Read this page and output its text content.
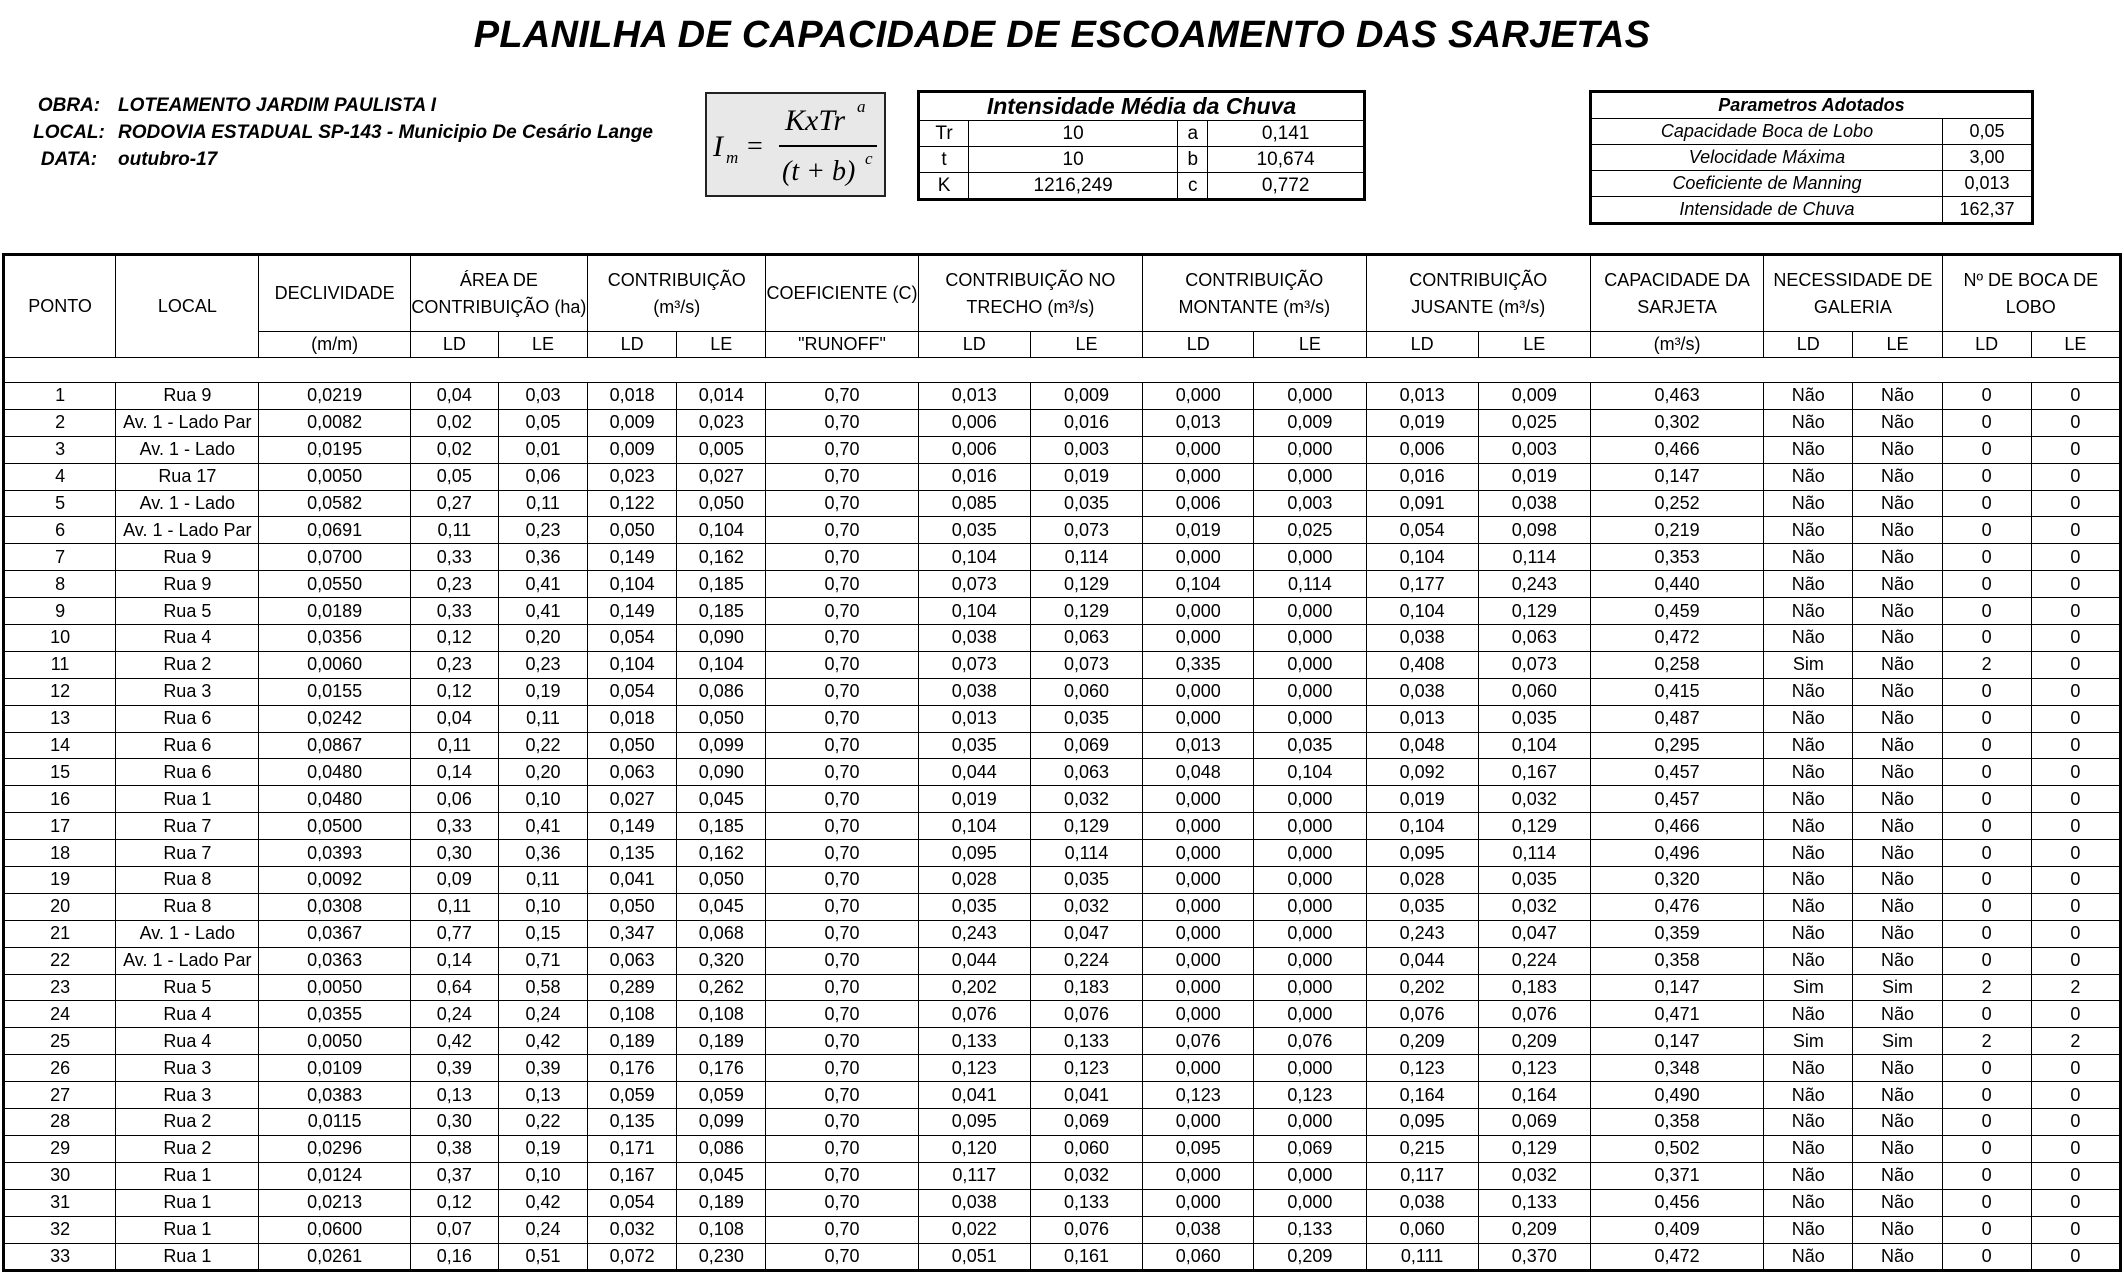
PLANILHA DE CAPACIDADE DE ESCOAMENTO DAS SARJETAS
OBRA: LOTEAMENTO JARDIM PAULISTA I
LOCAL: RODOVIA ESTADUAL SP-143 - Municipio De Cesário Lange
DATA: outubro-17	I m =
KxTr a
(t + b) c
Intensidade Média da Chuva			
Tr	10	a	0,141
t	10	b	10,674
K	1216,249	c	0,772
Parametros Adotados	
Capacidade Boca de Lobo	0,05
Velocidade Máxima	3,00
Coeficiente de Manning	0,013
Intensidade de Chuva	162,37
PONTO	LOCAL	DECLIVIDADE	ÁREA DE CONTRIBUIÇÃO (ha)		CONTRIBUIÇÃO (m³/s)		COEFICIENTE (C)	CONTRIBUIÇÃO NO TRECHO (m³/s)		CONTRIBUIÇÃO MONTANTE (m³/s)		CONTRIBUIÇÃO JUSANTE (m³/s)		CAPACIDADE DA SARJETA	NECESSIDADE DE GALERIA		Nº DE BOCA DE LOBO	
		(m/m)	LD	LE	LD	LE	"RUNOFF"	LD	LE	LD	LE	LD	LE	(m³/s)	LD	LE	LD	LE

1	Rua 9	0,0219	0,04	0,03	0,018	0,014	0,70	0,013	0,009	0,000	0,000	0,013	0,009	0,463	Não	Não	0	0
2	Av. 1 - Lado Par	0,0082	0,02	0,05	0,009	0,023	0,70	0,006	0,016	0,013	0,009	0,019	0,025	0,302	Não	Não	0	0
3	Av. 1 - Lado	0,0195	0,02	0,01	0,009	0,005	0,70	0,006	0,003	0,000	0,000	0,006	0,003	0,466	Não	Não	0	0
4	Rua 17	0,0050	0,05	0,06	0,023	0,027	0,70	0,016	0,019	0,000	0,000	0,016	0,019	0,147	Não	Não	0	0
5	Av. 1 - Lado	0,0582	0,27	0,11	0,122	0,050	0,70	0,085	0,035	0,006	0,003	0,091	0,038	0,252	Não	Não	0	0
6	Av. 1 - Lado Par	0,0691	0,11	0,23	0,050	0,104	0,70	0,035	0,073	0,019	0,025	0,054	0,098	0,219	Não	Não	0	0
7	Rua 9	0,0700	0,33	0,36	0,149	0,162	0,70	0,104	0,114	0,000	0,000	0,104	0,114	0,353	Não	Não	0	0
8	Rua 9	0,0550	0,23	0,41	0,104	0,185	0,70	0,073	0,129	0,104	0,114	0,177	0,243	0,440	Não	Não	0	0
9	Rua 5	0,0189	0,33	0,41	0,149	0,185	0,70	0,104	0,129	0,000	0,000	0,104	0,129	0,459	Não	Não	0	0
10	Rua 4	0,0356	0,12	0,20	0,054	0,090	0,70	0,038	0,063	0,000	0,000	0,038	0,063	0,472	Não	Não	0	0
11	Rua 2	0,0060	0,23	0,23	0,104	0,104	0,70	0,073	0,073	0,335	0,000	0,408	0,073	0,258	Sim	Não	2	0
12	Rua 3	0,0155	0,12	0,19	0,054	0,086	0,70	0,038	0,060	0,000	0,000	0,038	0,060	0,415	Não	Não	0	0
13	Rua 6	0,0242	0,04	0,11	0,018	0,050	0,70	0,013	0,035	0,000	0,000	0,013	0,035	0,487	Não	Não	0	0
14	Rua 6	0,0867	0,11	0,22	0,050	0,099	0,70	0,035	0,069	0,013	0,035	0,048	0,104	0,295	Não	Não	0	0
15	Rua 6	0,0480	0,14	0,20	0,063	0,090	0,70	0,044	0,063	0,048	0,104	0,092	0,167	0,457	Não	Não	0	0
16	Rua 1	0,0480	0,06	0,10	0,027	0,045	0,70	0,019	0,032	0,000	0,000	0,019	0,032	0,457	Não	Não	0	0
17	Rua 7	0,0500	0,33	0,41	0,149	0,185	0,70	0,104	0,129	0,000	0,000	0,104	0,129	0,466	Não	Não	0	0
18	Rua 7	0,0393	0,30	0,36	0,135	0,162	0,70	0,095	0,114	0,000	0,000	0,095	0,114	0,496	Não	Não	0	0
19	Rua 8	0,0092	0,09	0,11	0,041	0,050	0,70	0,028	0,035	0,000	0,000	0,028	0,035	0,320	Não	Não	0	0
20	Rua 8	0,0308	0,11	0,10	0,050	0,045	0,70	0,035	0,032	0,000	0,000	0,035	0,032	0,476	Não	Não	0	0
21	Av. 1 - Lado	0,0367	0,77	0,15	0,347	0,068	0,70	0,243	0,047	0,000	0,000	0,243	0,047	0,359	Não	Não	0	0
22	Av. 1 - Lado Par	0,0363	0,14	0,71	0,063	0,320	0,70	0,044	0,224	0,000	0,000	0,044	0,224	0,358	Não	Não	0	0
23	Rua 5	0,0050	0,64	0,58	0,289	0,262	0,70	0,202	0,183	0,000	0,000	0,202	0,183	0,147	Sim	Sim	2	2
24	Rua 4	0,0355	0,24	0,24	0,108	0,108	0,70	0,076	0,076	0,000	0,000	0,076	0,076	0,471	Não	Não	0	0
25	Rua 4	0,0050	0,42	0,42	0,189	0,189	0,70	0,133	0,133	0,076	0,076	0,209	0,209	0,147	Sim	Sim	2	2
26	Rua 3	0,0109	0,39	0,39	0,176	0,176	0,70	0,123	0,123	0,000	0,000	0,123	0,123	0,348	Não	Não	0	0
27	Rua 3	0,0383	0,13	0,13	0,059	0,059	0,70	0,041	0,041	0,123	0,123	0,164	0,164	0,490	Não	Não	0	0
28	Rua 2	0,0115	0,30	0,22	0,135	0,099	0,70	0,095	0,069	0,000	0,000	0,095	0,069	0,358	Não	Não	0	0
29	Rua 2	0,0296	0,38	0,19	0,171	0,086	0,70	0,120	0,060	0,095	0,069	0,215	0,129	0,502	Não	Não	0	0
30	Rua 1	0,0124	0,37	0,10	0,167	0,045	0,70	0,117	0,032	0,000	0,000	0,117	0,032	0,371	Não	Não	0	0
31	Rua 1	0,0213	0,12	0,42	0,054	0,189	0,70	0,038	0,133	0,000	0,000	0,038	0,133	0,456	Não	Não	0	0
32	Rua 1	0,0600	0,07	0,24	0,032	0,108	0,70	0,022	0,076	0,038	0,133	0,060	0,209	0,409	Não	Não	0	0
33	Rua 1	0,0261	0,16	0,51	0,072	0,230	0,70	0,051	0,161	0,060	0,209	0,111	0,370	0,472	Não	Não	0	0
